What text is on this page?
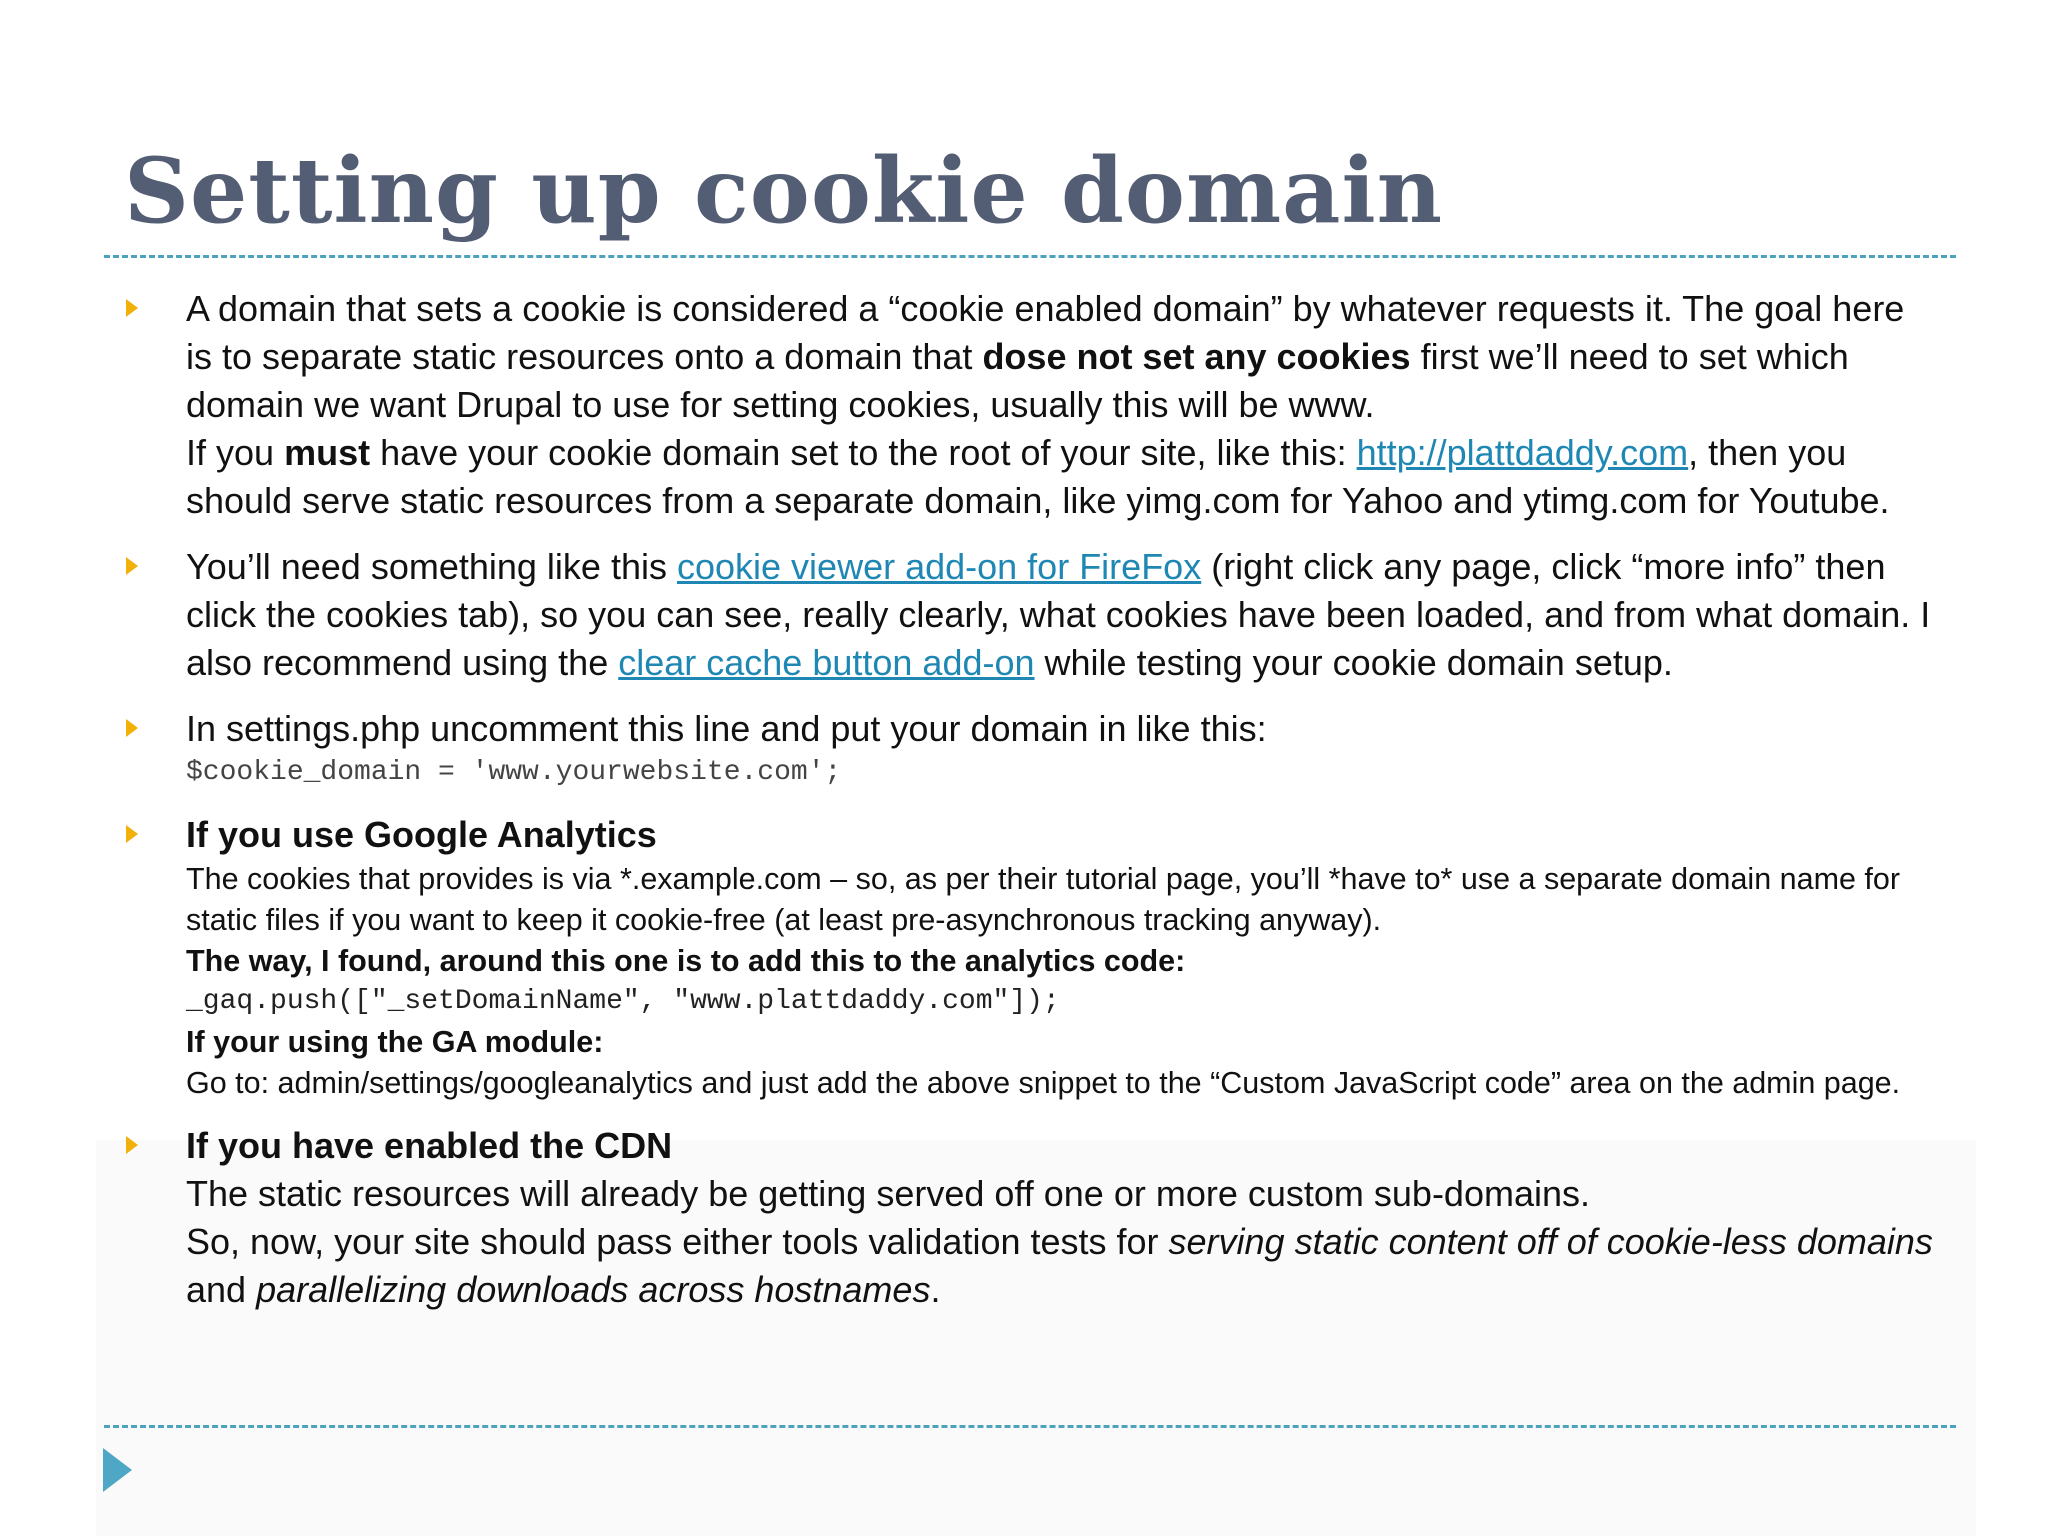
Setting up cookie domain
A domain that sets a cookie is considered a “cookie enabled domain” by whatever requests it. The goal here is to separate static resources onto a domain that dose not set any cookies first we’ll need to set which domain we want Drupal to use for setting cookies, usually this will be www.
If you must have your cookie domain set to the root of your site, like this: http://plattdaddy.com, then you should serve static resources from a separate domain, like yimg.com for Yahoo and ytimg.com for Youtube.
You’ll need something like this cookie viewer add-on for FireFox (right click any page, click “more info” then click the cookies tab), so you can see, really clearly, what cookies have been loaded, and from what domain. I also recommend using the clear cache button add-on while testing your cookie domain setup.
In settings.php uncomment this line and put your domain in like this:
$cookie_domain = 'www.yourwebsite.com';
If you use Google Analytics
The cookies that provides is via *.example.com – so, as per their tutorial page, you’ll *have to* use a separate domain name for static files if you want to keep it cookie-free (at least pre-asynchronous tracking anyway).
The way, I found, around this one is to add this to the analytics code:
_gaq.push(["_setDomainName", "www.plattdaddy.com"]);
If your using the GA module:
Go to: admin/settings/googleanalytics and just add the above snippet to the “Custom JavaScript code” area on the admin page.
If you have enabled the CDN
The static resources will already be getting served off one or more custom sub-domains.
So, now, your site should pass either tools validation tests for serving static content off of cookie-less domains and parallelizing downloads across hostnames.
